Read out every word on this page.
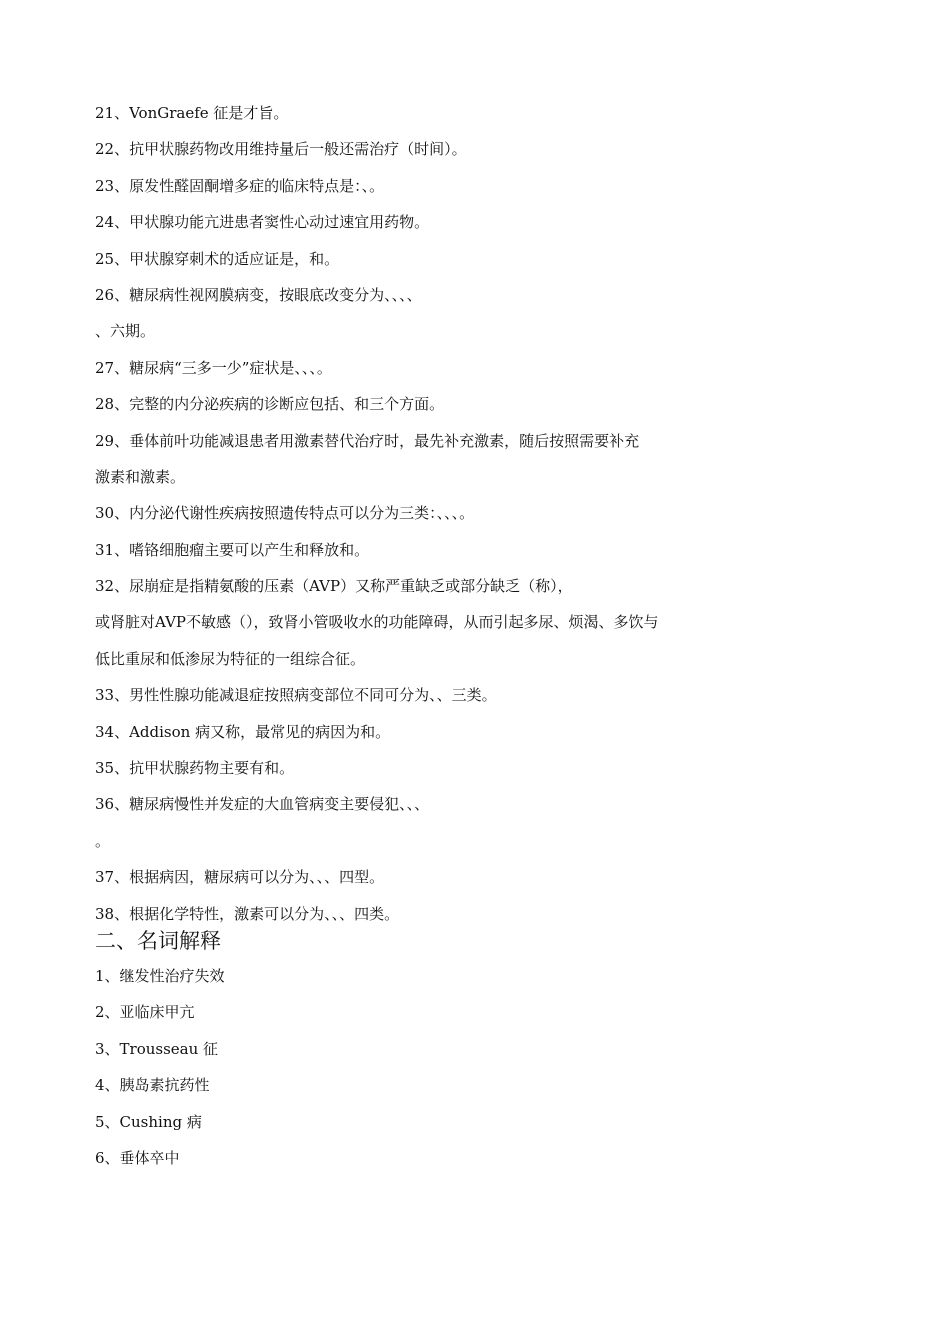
21、VonGraefe 征是才旨。
22、抗甲状腺药物改用维持量后一般还需治疗（时间）。
23、原发性醛固酮增多症的临床特点是：、。
24、甲状腺功能亢进患者窦性心动过速宜用药物。
25、甲状腺穿刺术的适应证是，和。
26、糖尿病性视网膜病变，按眼底改变分为、、、、
、六期。
27、糖尿病“三多一少”症状是、、、。
28、完整的内分泌疾病的诊断应包括、和三个方面。
29、垂体前叶功能减退患者用激素替代治疗时，最先补充激素，随后按照需要补充
激素和激素。
30、内分泌代谢性疾病按照遗传特点可以分为三类：、、、。
31、嗜铬细胞瘤主要可以产生和释放和。
32、尿崩症是指精氨酸的压素（AVP）又称严重缺乏或部分缺乏（称），
或肾脏对AVP不敏感（），致肾小管吸收水的功能障碍，从而引起多尿、烦渴、多饮与
低比重尿和低渗尿为特征的一组综合征。
33、男性性腺功能减退症按照病变部位不同可分为、、三类。
34、Addison 病又称，最常见的病因为和。
35、抗甲状腺药物主要有和。
36、糖尿病慢性并发症的大血管病变主要侵犯、、、
。
37、根据病因，糖尿病可以分为、、、四型。
38、根据化学特性，激素可以分为、、、四类。
二、名词解释
1、继发性治疗失效
2、亚临床甲亢
3、Trousseau 征
4、胰岛素抗药性
5、Cushing 病
6、垂体卒中
